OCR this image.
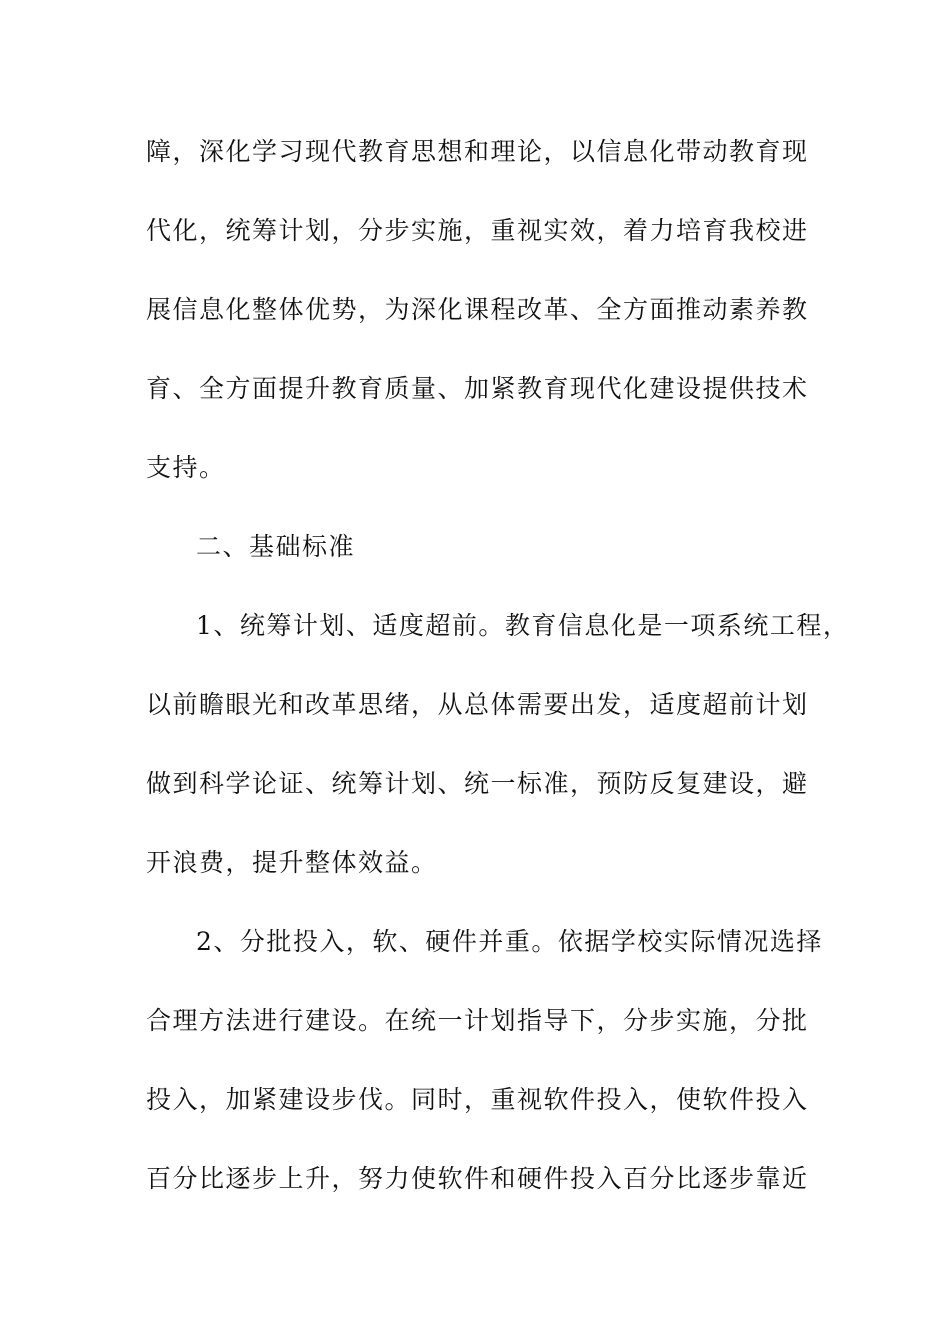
障，深化学习现代教育思想和理论，以信息化带动教育现
代化，统筹计划，分步实施，重视实效，着力培育我校进
展信息化整体优势，为深化课程改革、全方面推动素养教
育、全方面提升教育质量、加紧教育现代化建设提供技术
支持。
二、基础标准
1、统筹计划、适度超前。教育信息化是一项系统工程，
以前瞻眼光和改革思绪，从总体需要出发，适度超前计划
做到科学论证、统筹计划、统一标准，预防反复建设，避
开浪费，提升整体效益。
2、分批投入，软、硬件并重。依据学校实际情况选择
合理方法进行建设。在统一计划指导下，分步实施，分批
投入，加紧建设步伐。同时，重视软件投入，使软件投入
百分比逐步上升，努力使软件和硬件投入百分比逐步靠近
